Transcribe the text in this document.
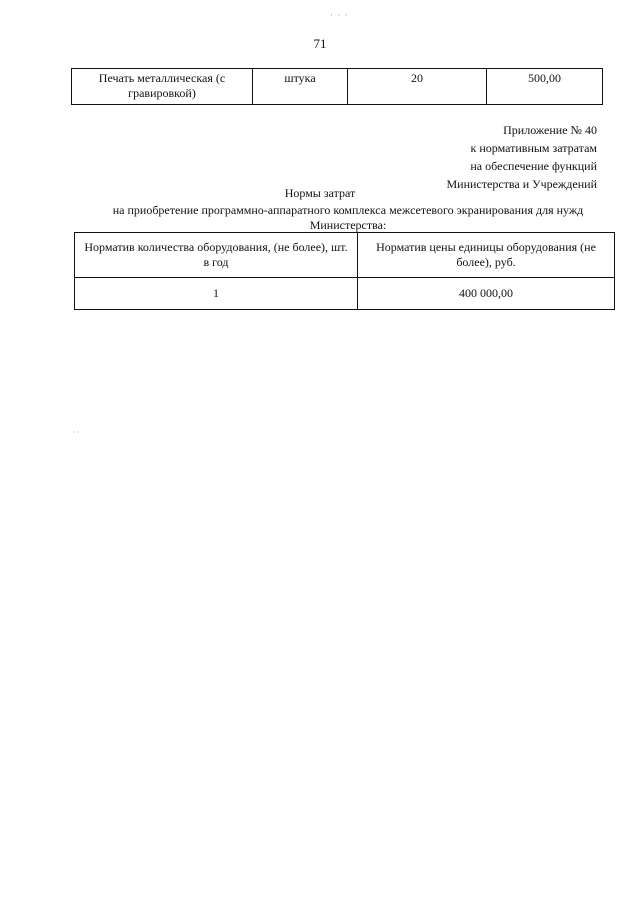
· · ·
71
Печать металлическая (с гравировкой)	штука	20	500,00
Приложение № 40
к нормативным затратам
на обеспечение функций
Министерства и Учреждений
Нормы затрат
на приобретение программно-аппаратного комплекса межсетевого экранирования для нужд Министерства:
Норматив количества оборудования, (не более), шт. в год	Норматив цены единицы оборудования (не более), руб.
1	400 000,00
· ·
